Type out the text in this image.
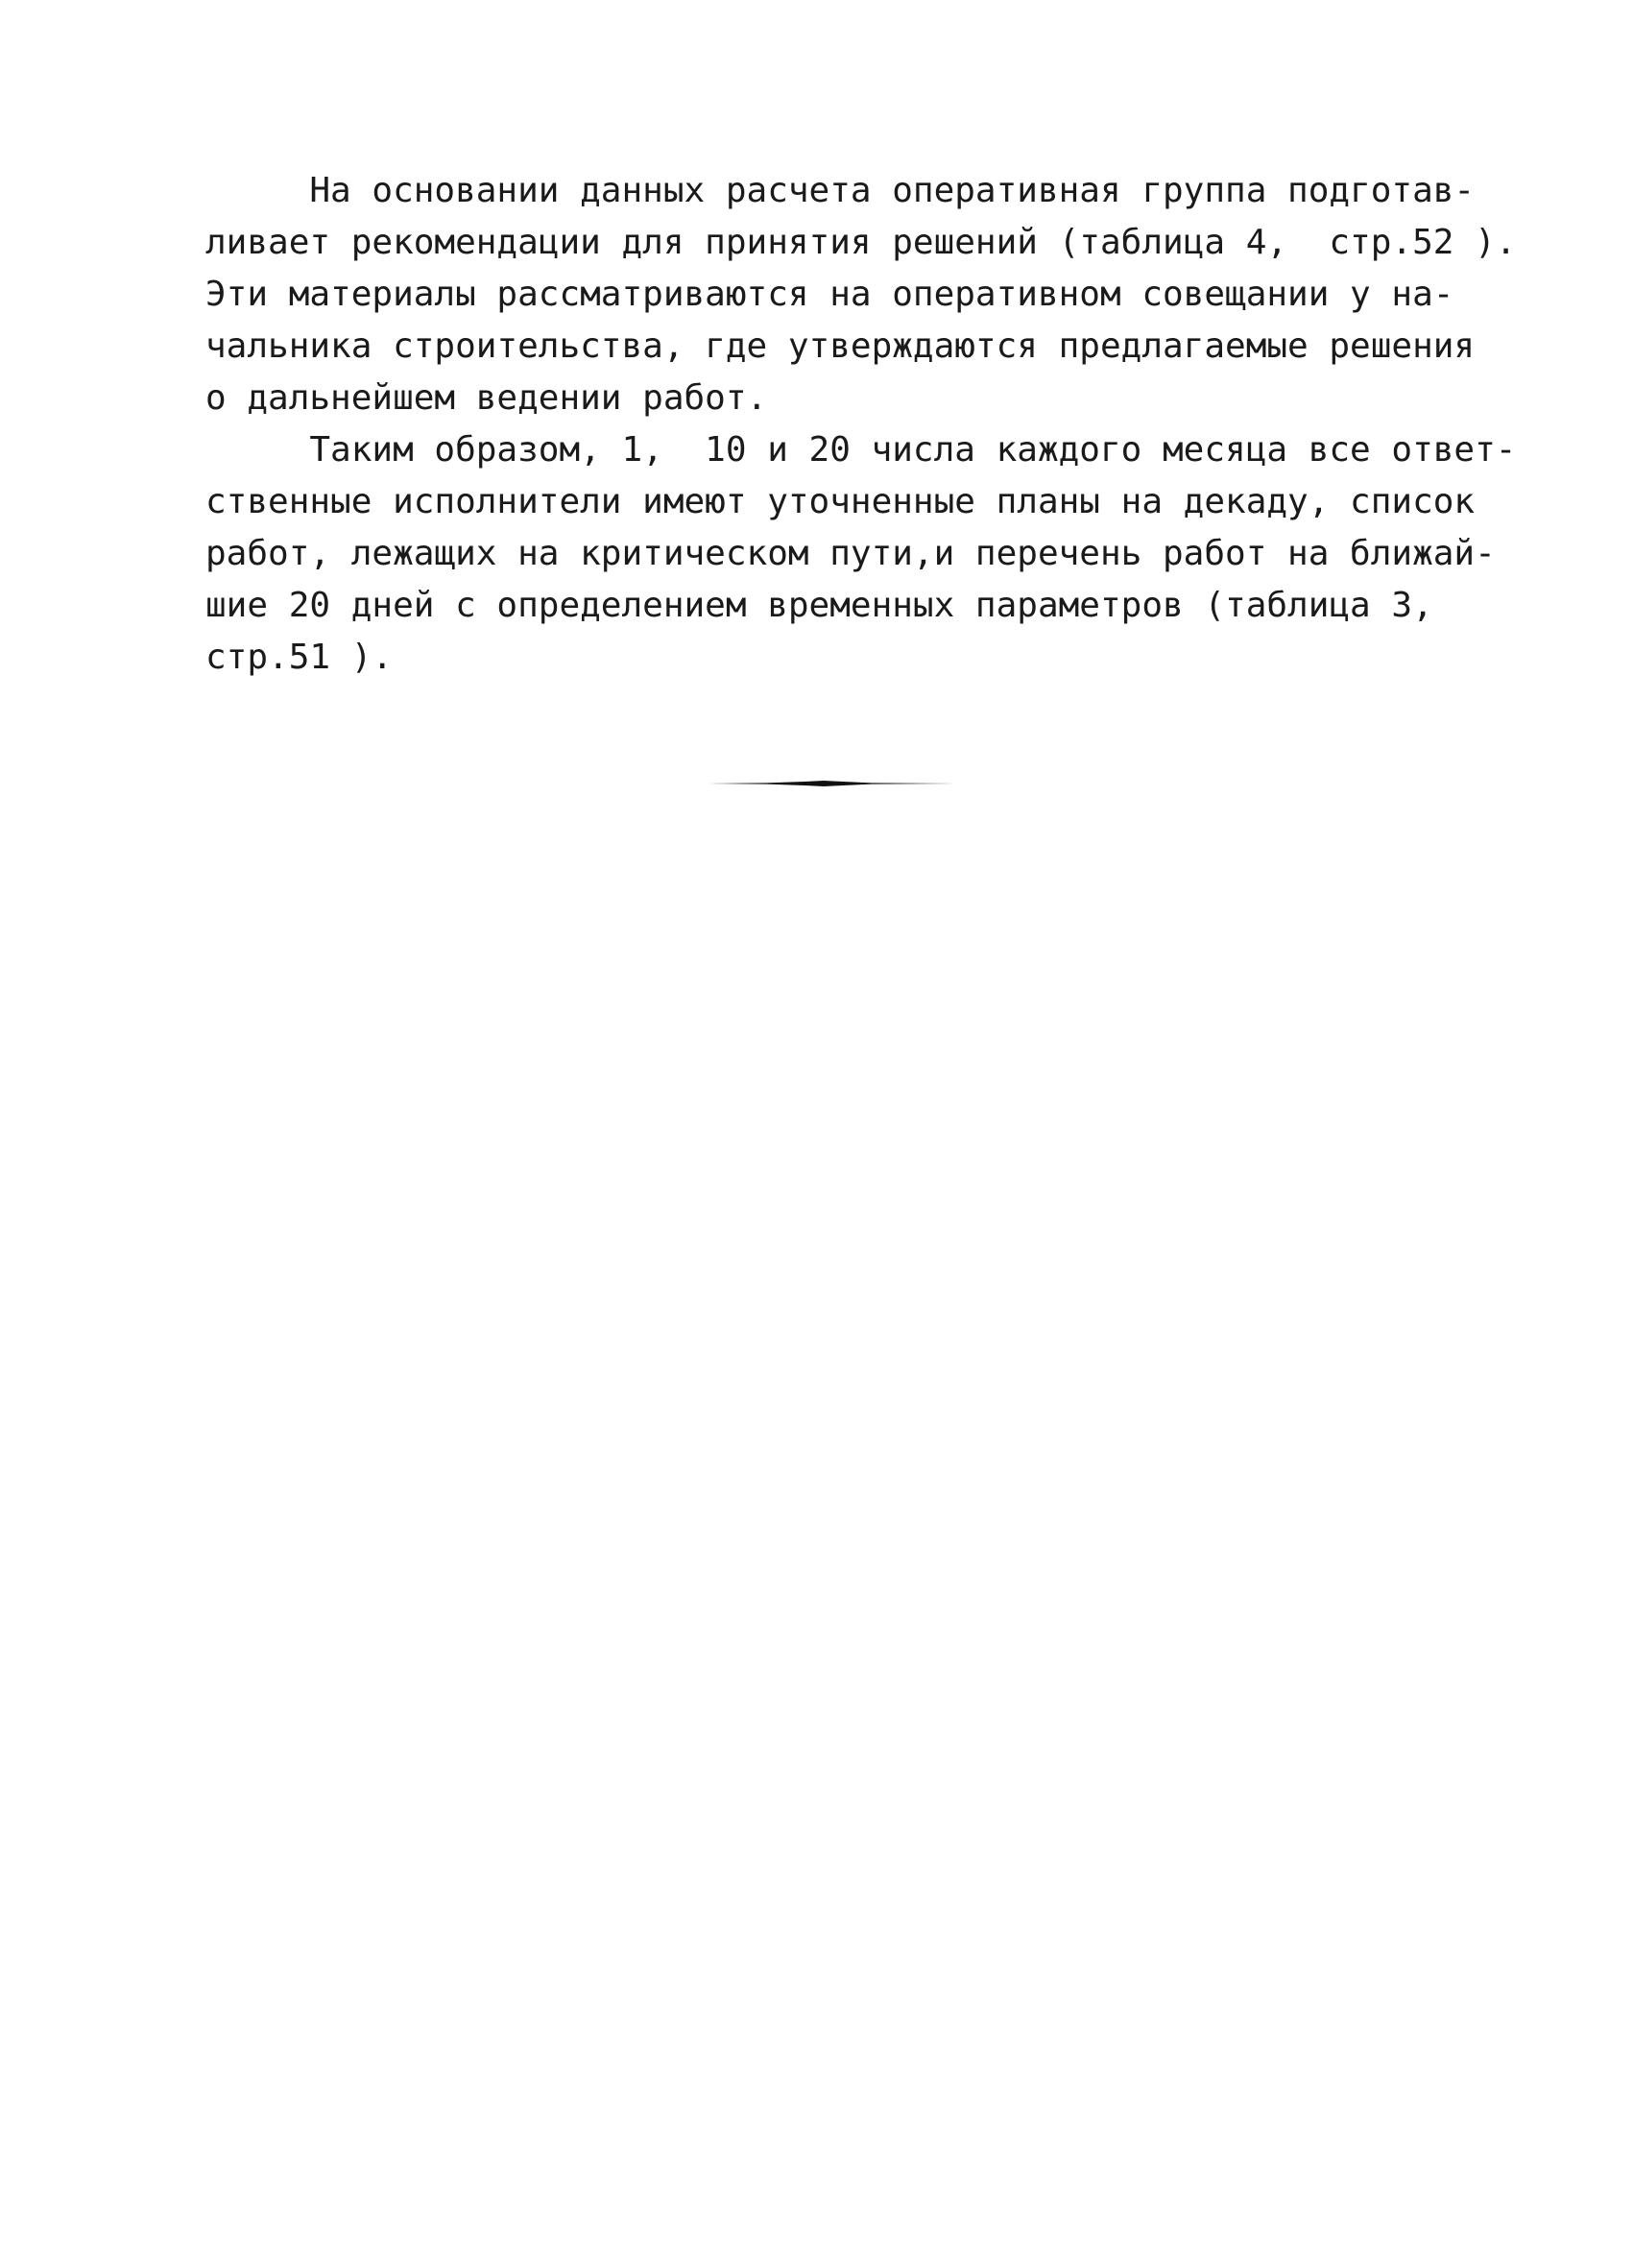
На основании данных расчета оперативная группа подготав-
ливает рекомендации для принятия решений (таблица 4,  стр.52 ).
Эти материалы рассматриваются на оперативном совещании у на-
чальника строительства, где утверждаются предлагаемые решения
о дальнейшем ведении работ.
Таким образом, 1,  10 и 20 числа каждого месяца все ответ-
ственные исполнители имеют уточненные планы на декаду, список
работ, лежащих на критическом пути,и перечень работ на ближай-
шие 20 дней с определением временных параметров (таблица 3,
стр.51 ).
